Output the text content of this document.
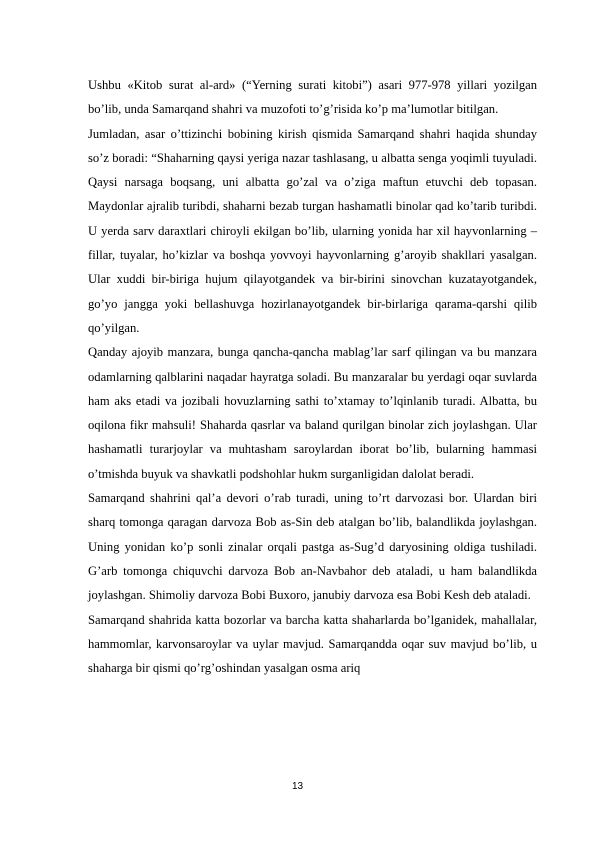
Ushbu «Kitob surat al-ard» (“Yerning surati kitobi”) asari 977-978 yillari yozilgan bo’lib, unda Samarqand shahri va muzofoti to’g’risida ko’p ma’lumotlar bitilgan.

Jumladan, asar o’ttizinchi bobining kirish qismida Samarqand shahri haqida shunday so’z boradi: “Shaharning qaysi yeriga nazar tashlasang, u albatta senga yoqimli tuyuladi. Qaysi narsaga boqsang, uni albatta go’zal va o’ziga maftun etuvchi deb topasan. Maydonlar ajralib turibdi, shaharni bezab turgan hashamatli binolar qad ko’tarib turibdi. U yerda sarv daraxtlari chiroyli ekilgan bo’lib, ularning yonida har xil hayvonlarning – fillar, tuyalar, ho’kizlar va boshqa yovvoyi hayvonlarning g’aroyib shakllari yasalgan. Ular xuddi bir-biriga hujum qilayotgandek va bir-birini sinovchan kuzatayotgandek, go’yo jangga yoki bellashuvga hozirlanayotgandek bir-birlariga qarama-qarshi qilib qo’yilgan.

Qanday ajoyib manzara, bunga qancha-qancha mablag’lar sarf qilingan va bu manzara odamlarning qalblarini naqadar hayratga soladi. Bu manzaralar bu yerdagi oqar suvlarda ham aks etadi va jozibali hovuzlarning sathi to’xtamay to’lqinlanib turadi. Albatta, bu oqilona fikr mahsuli! Shaharda qasrlar va baland qurilgan binolar zich joylashgan. Ular hashamatli turarjoylar va muhtasham saroylardan iborat bo’lib, bularning hammasi o’tmishda buyuk va shavkatli podshohlar hukm surganligidan dalolat beradi.

Samarqand shahrini qal’a devori o’rab turadi, uning to’rt darvozasi bor. Ulardan biri sharq tomonga qaragan darvoza Bob as-Sin deb atalgan bo’lib, balandlikda joylashgan. Uning yonidan ko’p sonli zinalar orqali pastga as-Sug’d daryosining oldiga tushiladi. G’arb tomonga chiquvchi darvoza Bob an-Navbahor deb ataladi, u ham balandlikda joylashgan. Shimoliy darvoza Bobi Buxoro, janubiy darvoza esa Bobi Kesh deb ataladi.

Samarqand shahrida katta bozorlar va barcha katta shaharlarda bo’lganidek, mahallalar, hammomlar, karvonsaroylar va uylar mavjud. Samarqandda oqar suv mavjud bo’lib, u shaharga bir qismi qo’rg’oshindan yasalgan osma ariq

13
